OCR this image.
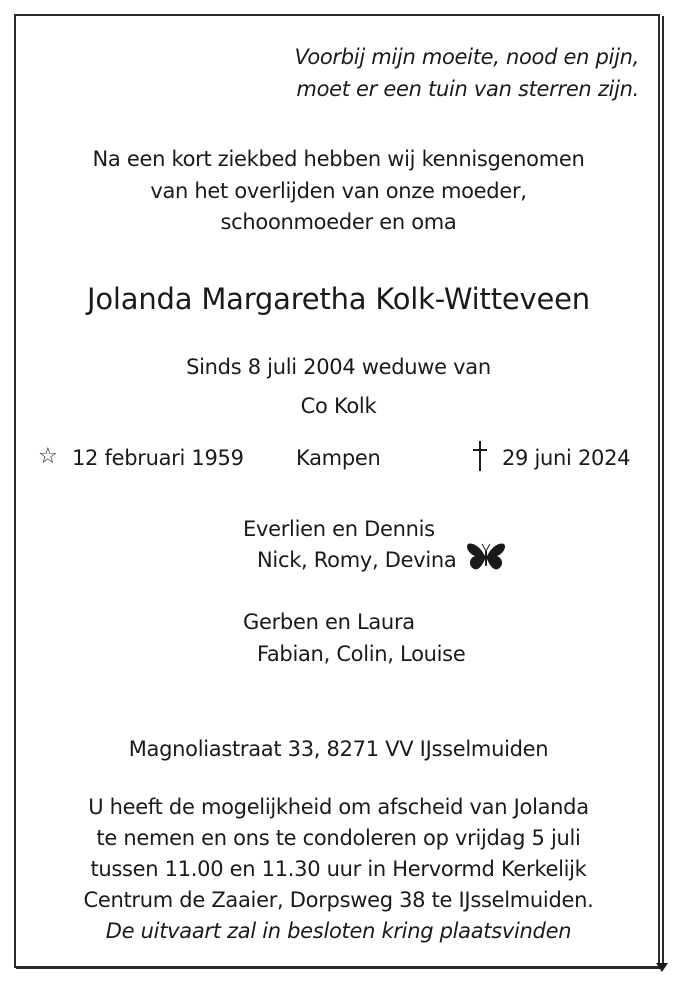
Voorbij mijn moeite, nood en pijn,
moet er een tuin van sterren zijn.
Na een kort ziekbed hebben wij kennisgenomen
van het overlijden van onze moeder,
schoonmoeder en oma
Jolanda Margaretha Kolk-Witteveen
Sinds 8 juli 2004 weduwe van
Co Kolk
☆ 12 februari 1959 Kampen	29 juni 2024
Everlien en Dennis
Nick, Romy, Devina
Gerben en Laura
Fabian, Colin, Louise
Magnoliastraat 33, 8271 VV IJsselmuiden
U heeft de mogelijkheid om afscheid van Jolanda
te nemen en ons te condoleren op vrijdag 5 juli
tussen 11.00 en 11.30 uur in Hervormd Kerkelijk
Centrum de Zaaier, Dorpsweg 38 te IJsselmuiden.
De uitvaart zal in besloten kring plaatsvinden
